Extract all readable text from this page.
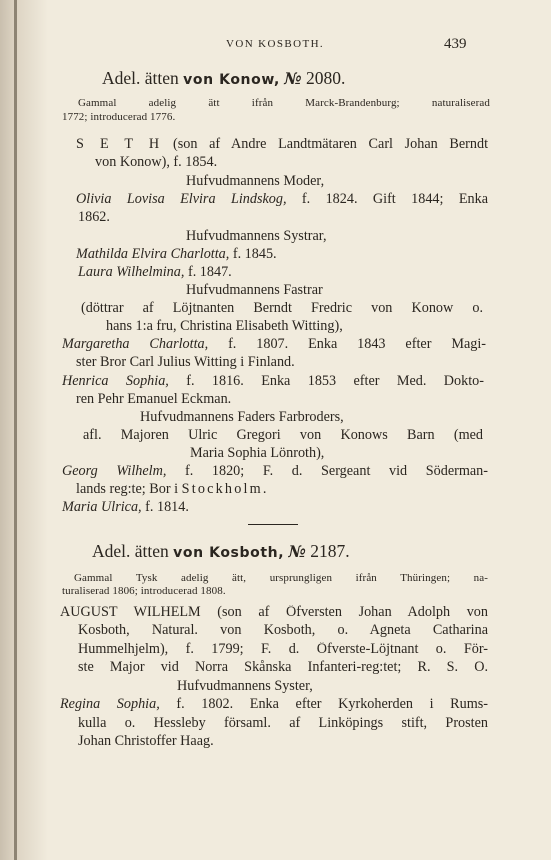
VON KOSBOTH.	439
Adel. ätten von Konow, № 2080.
Gammal adelig ätt ifrån Marck-Brandenburg; naturaliserad
1772; introducerad 1776.
S E T H (son af Andre Landtmätaren Carl Johan Berndt
von Konow), f. 1854.
Hufvudmannens Moder,
Olivia Lovisa Elvira Lindskog, f. 1824. Gift 1844; Enka
1862.
Hufvudmannens Systrar,
Mathilda Elvira Charlotta, f. 1845.
Laura Wilhelmina, f. 1847.
Hufvudmannens Fastrar
(döttrar af Löjtnanten Berndt Fredric von Konow o.
hans 1:a fru, Christina Elisabeth Witting),
Margaretha Charlotta, f. 1807. Enka 1843 efter Magi-
ster Bror Carl Julius Witting i Finland.
Henrica Sophia, f. 1816. Enka 1853 efter Med. Dokto-
ren Pehr Emanuel Eckman.
Hufvudmannens Faders Farbroders,
afl. Majoren Ulric Gregori von Konows Barn (med
Maria Sophia Lönroth),
Georg Wilhelm, f. 1820; F. d. Sergeant vid Söderman-
lands reg:te; Bor i Stockholm.
Maria Ulrica, f. 1814.
Adel. ätten von Kosboth, № 2187.
Gammal Tysk adelig ätt, ursprungligen ifrån Thüringen; na-
turaliserad 1806; introducerad 1808.
AUGUST WILHELM (son af Öfversten Johan Adolph von
Kosboth, Natural. von Kosboth, o. Agneta Catharina
Hummelhjelm), f. 1799; F. d. Öfverste-Löjtnant o. För-
ste Major vid Norra Skånska Infanteri-reg:tet; R. S. O.
Hufvudmannens Syster,
Regina Sophia, f. 1802. Enka efter Kyrkoherden i Rums-
kulla o. Hessleby församl. af Linköpings stift, Prosten
Johan Christoffer Haag.
